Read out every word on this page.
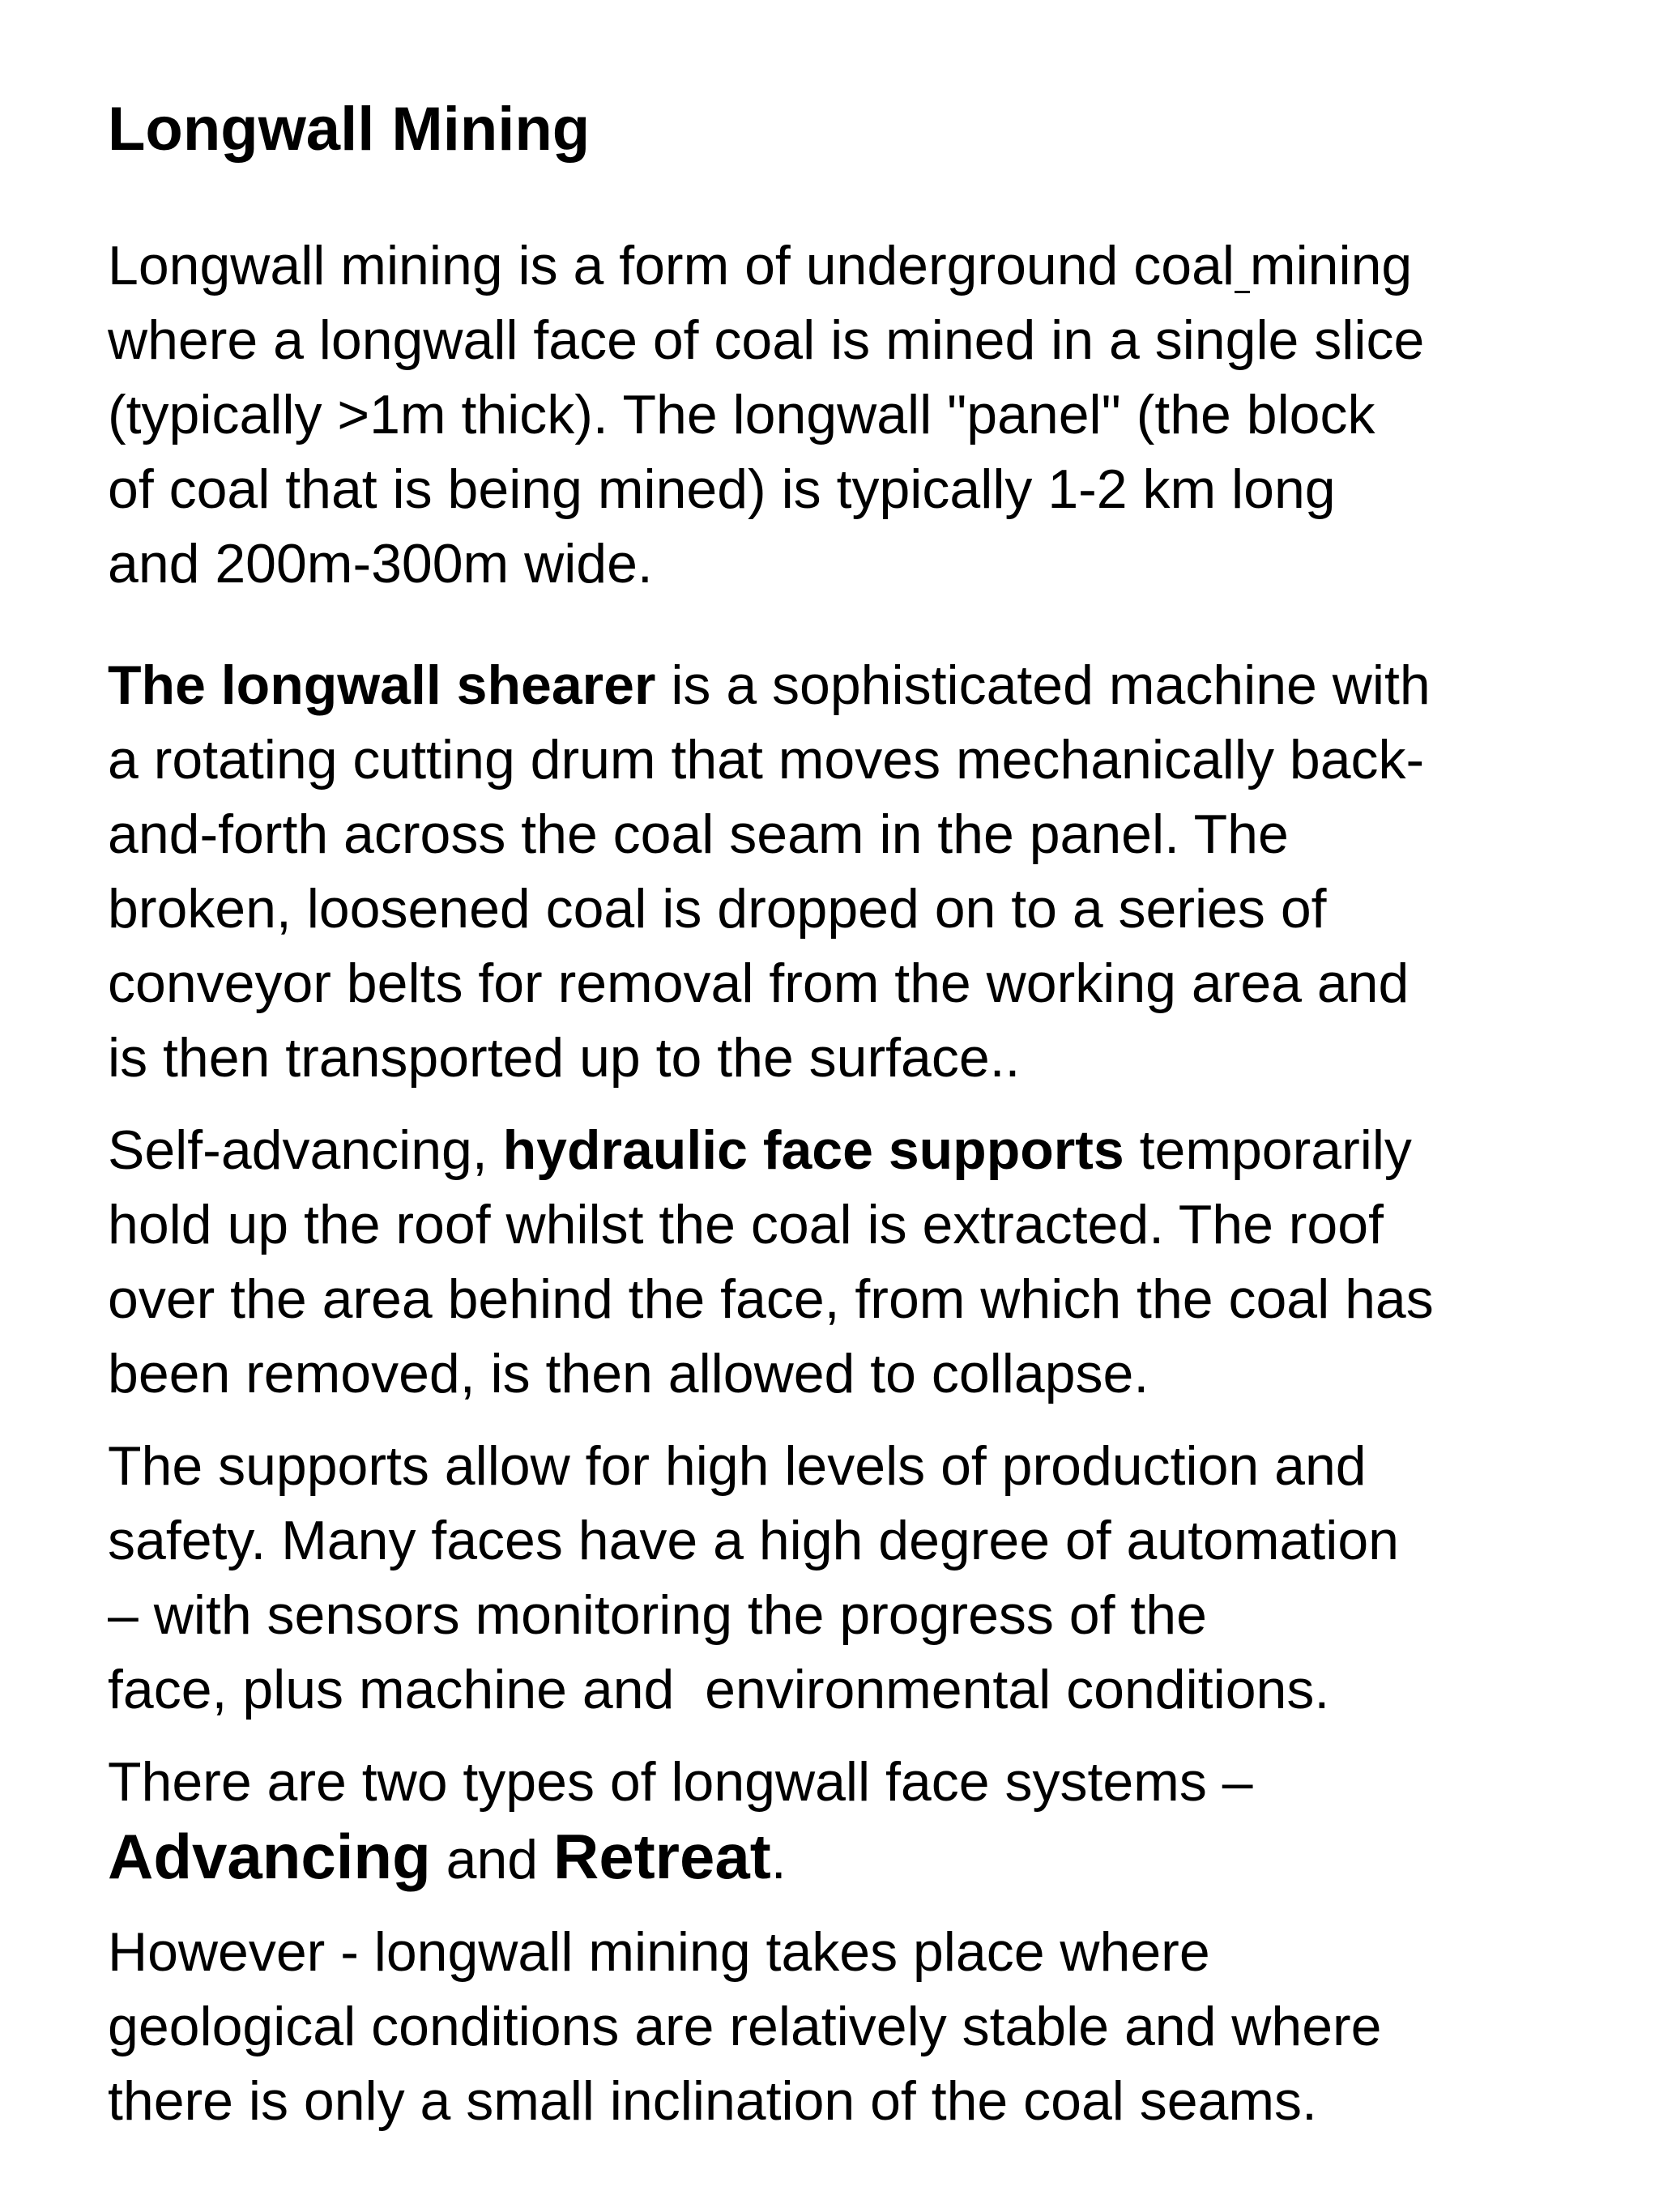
Longwall Mining

Longwall mining is a form of underground coal mining
where a longwall face of coal is mined in a single slice
(typically >1m thick). The longwall "panel" (the block
of coal that is being mined) is typically 1-2 km long
and 200m-300m wide.

The longwall shearer is a sophisticated machine with
a rotating cutting drum that moves mechanically back-
and-forth across the coal seam in the panel. The
broken, loosened coal is dropped on to a series of
conveyor belts for removal from the working area and
is then transported up to the surface..

Self-advancing, hydraulic face supports temporarily
hold up the roof whilst the coal is extracted. The roof
over the area behind the face, from which the coal has
been removed, is then allowed to collapse.

The supports allow for high levels of production and
safety. Many faces have a high degree of automation
– with sensors monitoring the progress of the
face, plus machine and  environmental conditions.

There are two types of longwall face systems –
Advancing and Retreat.

However - longwall mining takes place where
geological conditions are relatively stable and where
there is only a small inclination of the coal seams.
